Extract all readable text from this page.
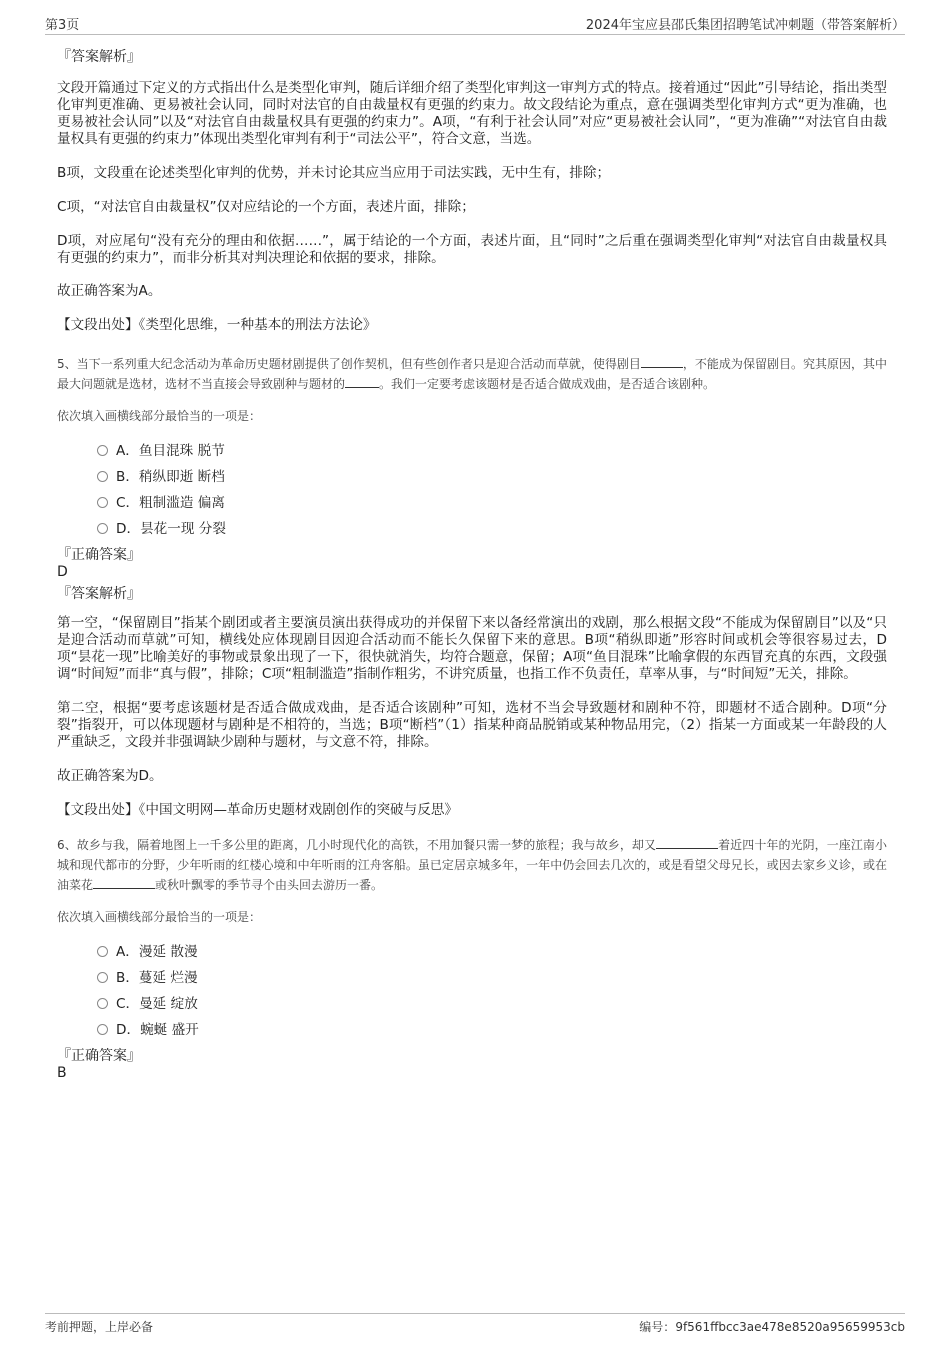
第3页	2024年宝应县邵氏集团招聘笔试冲刺题（带答案解析）

『答案解析』

文段开篇通过下定义的方式指出什么是类型化审判，随后详细介绍了类型化审判这一审判方式的特点。接着通过“因此”引导结论，指出类型化审判更准确、更易被社会认同，同时对法官的自由裁量权有更强的约束力。故文段结论为重点，意在强调类型化审判方式“更为准确，也更易被社会认同”以及“对法官自由裁量权具有更强的约束力”。A项，“有利于社会认同”对应“更易被社会认同”，“更为准确”“对法官自由裁量权具有更强的约束力”体现出类型化审判有利于“司法公平”，符合文意，当选。

B项，文段重在论述类型化审判的优势，并未讨论其应当应用于司法实践，无中生有，排除；

C项，“对法官自由裁量权”仅对应结论的一个方面，表述片面，排除；

D项，对应尾句“没有充分的理由和依据……”，属于结论的一个方面，表述片面，且“同时”之后重在强调类型化审判“对法官自由裁量权具有更强的约束力”，而非分析其对判决理论和依据的要求，排除。

故正确答案为A。

【文段出处】《类型化思维，一种基本的刑法方法论》

5、当下一系列重大纪念活动为革命历史题材剧提供了创作契机，但有些创作者只是迎合活动而草就，使得剧目	，不能成为保留剧目。究其原因，其中最大问题就是选材，选材不当直接会导致剧种与题材的	。我们一定要考虑该题材是否适合做成戏曲，是否适合该剧种。

依次填入画横线部分最恰当的一项是：

A．鱼目混珠 脱节
B．稍纵即逝 断档
C．粗制滥造 偏离
D．昙花一现 分裂

『正确答案』

D

『答案解析』

第一空，“保留剧目”指某个剧团或者主要演员演出获得成功的并保留下来以备经常演出的戏剧，那么根据文段“不能成为保留剧目”以及“只是迎合活动而草就”可知，横线处应体现剧目因迎合活动而不能长久保留下来的意思。B项“稍纵即逝”形容时间或机会等很容易过去，D项“昙花一现”比喻美好的事物或景象出现了一下，很快就消失，均符合题意，保留；A项“鱼目混珠”比喻拿假的东西冒充真的东西，文段强调“时间短”而非“真与假”，排除；C项“粗制滥造”指制作粗劣，不讲究质量，也指工作不负责任，草率从事，与“时间短”无关，排除。

第二空，根据“要考虑该题材是否适合做成戏曲，是否适合该剧种”可知，选材不当会导致题材和剧种不符，即题材不适合剧种。D项“分裂”指裂开，可以体现题材与剧种是不相符的，当选；B项“断档”（1）指某种商品脱销或某种物品用完，（2）指某一方面或某一年龄段的人严重缺乏，文段并非强调缺少剧种与题材，与文意不符，排除。

故正确答案为D。

【文段出处】《中国文明网—革命历史题材戏剧创作的突破与反思》

6、故乡与我，隔着地图上一千多公里的距离，几小时现代化的高铁，不用加餐只需一梦的旅程；我与故乡，却又	着近四十年的光阴，一座江南小城和现代都市的分野，少年听雨的红楼心境和中年听雨的江舟客船。虽已定居京城多年，一年中仍会回去几次的，或是看望父母兄长，或因去家乡义诊，或在油菜花	或秋叶飘零的季节寻个由头回去游历一番。

依次填入画横线部分最恰当的一项是：

A．漫延 散漫
B．蔓延 烂漫
C．曼延 绽放
D．蜿蜒 盛开

『正确答案』

B

考前押题，上岸必备	编号：9f561ffbcc3ae478e8520a95659953cb
